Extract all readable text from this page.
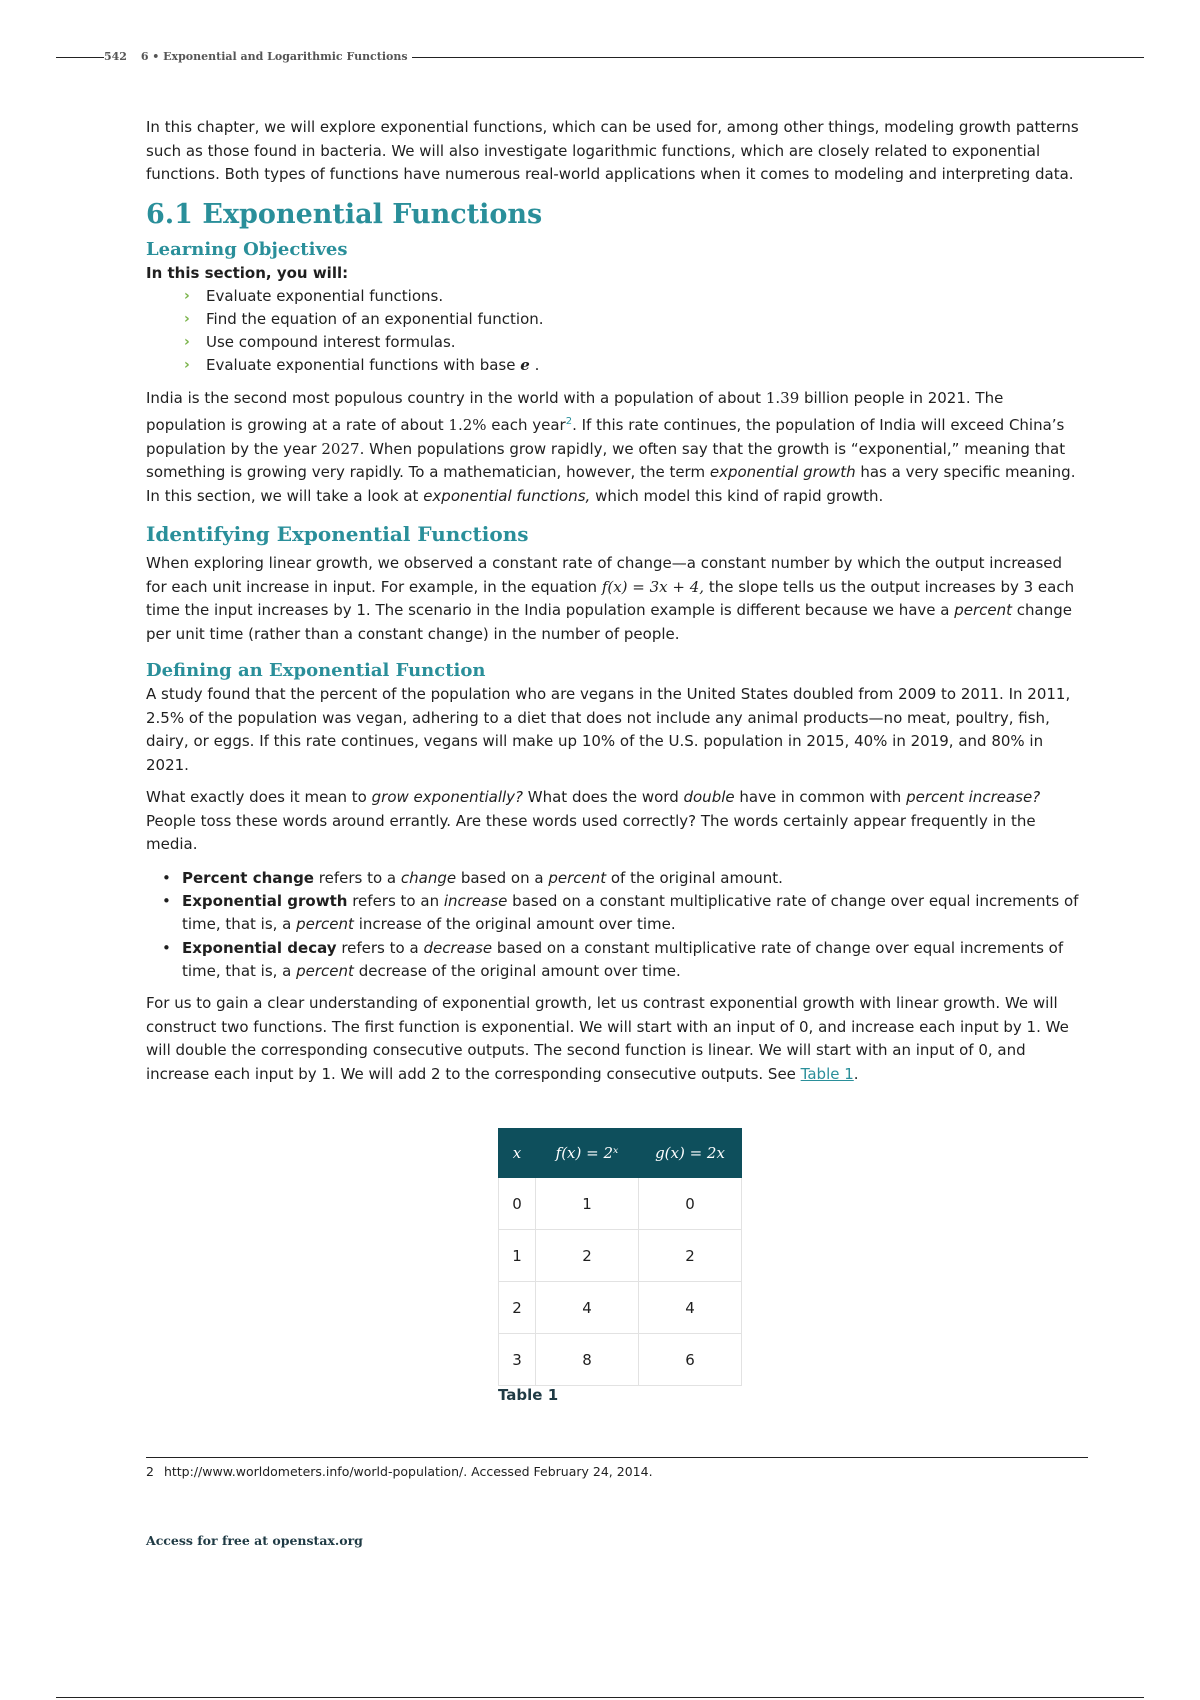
542 6 • Exponential and Logarithmic Functions

In this chapter, we will explore exponential functions, which can be used for, among other things, modeling growth patterns such as those found in bacteria. We will also investigate logarithmic functions, which are closely related to exponential functions. Both types of functions have numerous real-world applications when it comes to modeling and interpreting data.

6.1 Exponential Functions
Learning Objectives
In this section, you will:
› Evaluate exponential functions.
› Find the equation of an exponential function.
› Use compound interest formulas.
› Evaluate exponential functions with base e .

India is the second most populous country in the world with a population of about 1.39 billion people in 2021. The population is growing at a rate of about 1.2% each year$^2$. If this rate continues, the population of India will exceed China’s population by the year 2027. When populations grow rapidly, we often say that the growth is “exponential,” meaning that something is growing very rapidly. To a mathematician, however, the term exponential growth has a very specific meaning. In this section, we will take a look at exponential functions, which model this kind of rapid growth.

Identifying Exponential Functions

When exploring linear growth, we observed a constant rate of change—a constant number by which the output increased for each unit increase in input. For example, in the equation f(x) = 3x + 4, the slope tells us the output increases by 3 each time the input increases by 1. The scenario in the India population example is different because we have a percent change per unit time (rather than a constant change) in the number of people.

Defining an Exponential Function

A study found that the percent of the population who are vegans in the United States doubled from 2009 to 2011. In 2011, 2.5% of the population was vegan, adhering to a diet that does not include any animal products—no meat, poultry, fish, dairy, or eggs. If this rate continues, vegans will make up 10% of the U.S. population in 2015, 40% in 2019, and 80% in 2021.

What exactly does it mean to grow exponentially? What does the word double have in common with percent increase? People toss these words around errantly. Are these words used correctly? The words certainly appear frequently in the media.

• Percent change refers to a change based on a percent of the original amount.
• Exponential growth refers to an increase based on a constant multiplicative rate of change over equal increments of time, that is, a percent increase of the original amount over time.
• Exponential decay refers to a decrease based on a constant multiplicative rate of change over equal increments of time, that is, a percent decrease of the original amount over time.

For us to gain a clear understanding of exponential growth, let us contrast exponential growth with linear growth. We will construct two functions. The first function is exponential. We will start with an input of 0, and increase each input by 1. We will double the corresponding consecutive outputs. The second function is linear. We will start with an input of 0, and increase each input by 1. We will add 2 to the corresponding consecutive outputs. See Table 1.

x	f(x) = 2ˣ	g(x) = 2x
0	1	0
1	2	2
2	4	4
3	8	6
Table 1
2 http://www.worldometers.info/world-population/. Accessed February 24, 2014.
Access for free at openstax.org
